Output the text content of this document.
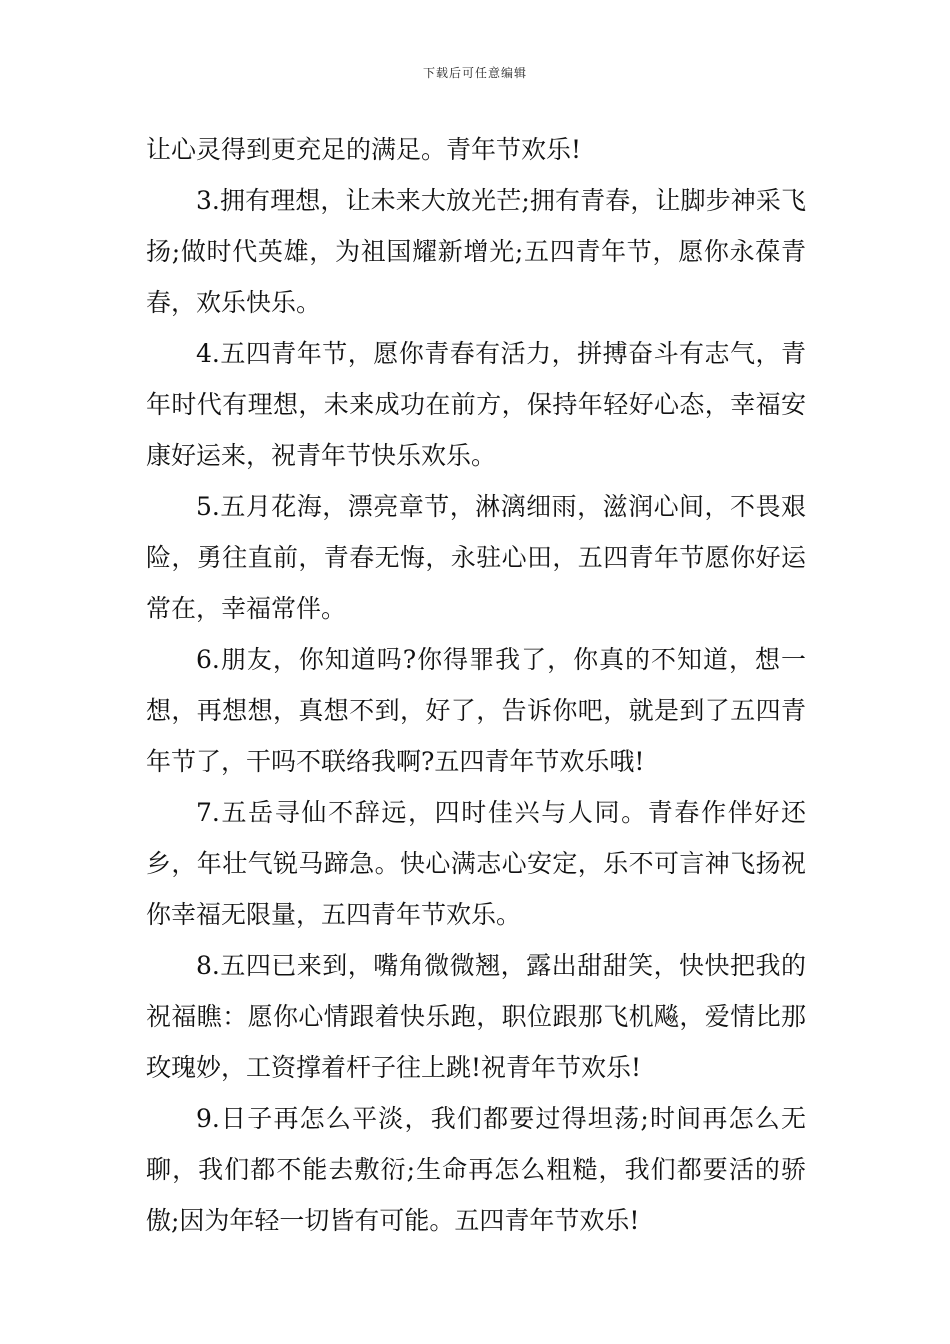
下载后可任意编辑

让心灵得到更充足的满足。青年节欢乐!

3.拥有理想，让未来大放光芒;拥有青春，让脚步神采飞扬;做时代英雄，为祖国耀新增光;五四青年节，愿你永葆青春，欢乐快乐。

4.五四青年节，愿你青春有活力，拼搏奋斗有志气，青年时代有理想，未来成功在前方，保持年轻好心态，幸福安康好运来，祝青年节快乐欢乐。

5.五月花海，漂亮章节，淋漓细雨，滋润心间，不畏艰险，勇往直前，青春无悔，永驻心田，五四青年节愿你好运常在，幸福常伴。

6.朋友，你知道吗?你得罪我了，你真的不知道，想一想，再想想，真想不到，好了，告诉你吧，就是到了五四青年节了，干吗不联络我啊?五四青年节欢乐哦!

7.五岳寻仙不辞远，四时佳兴与人同。青春作伴好还乡，年壮气锐马蹄急。快心满志心安定，乐不可言神飞扬祝你幸福无限量，五四青年节欢乐。

8.五四已来到，嘴角微微翘，露出甜甜笑，快快把我的祝福瞧：愿你心情跟着快乐跑，职位跟那飞机飚，爱情比那玫瑰妙，工资撑着杆子往上跳!祝青年节欢乐!

9.日子再怎么平淡，我们都要过得坦荡;时间再怎么无聊，我们都不能去敷衍;生命再怎么粗糙，我们都要活的骄傲;因为年轻一切皆有可能。五四青年节欢乐!
